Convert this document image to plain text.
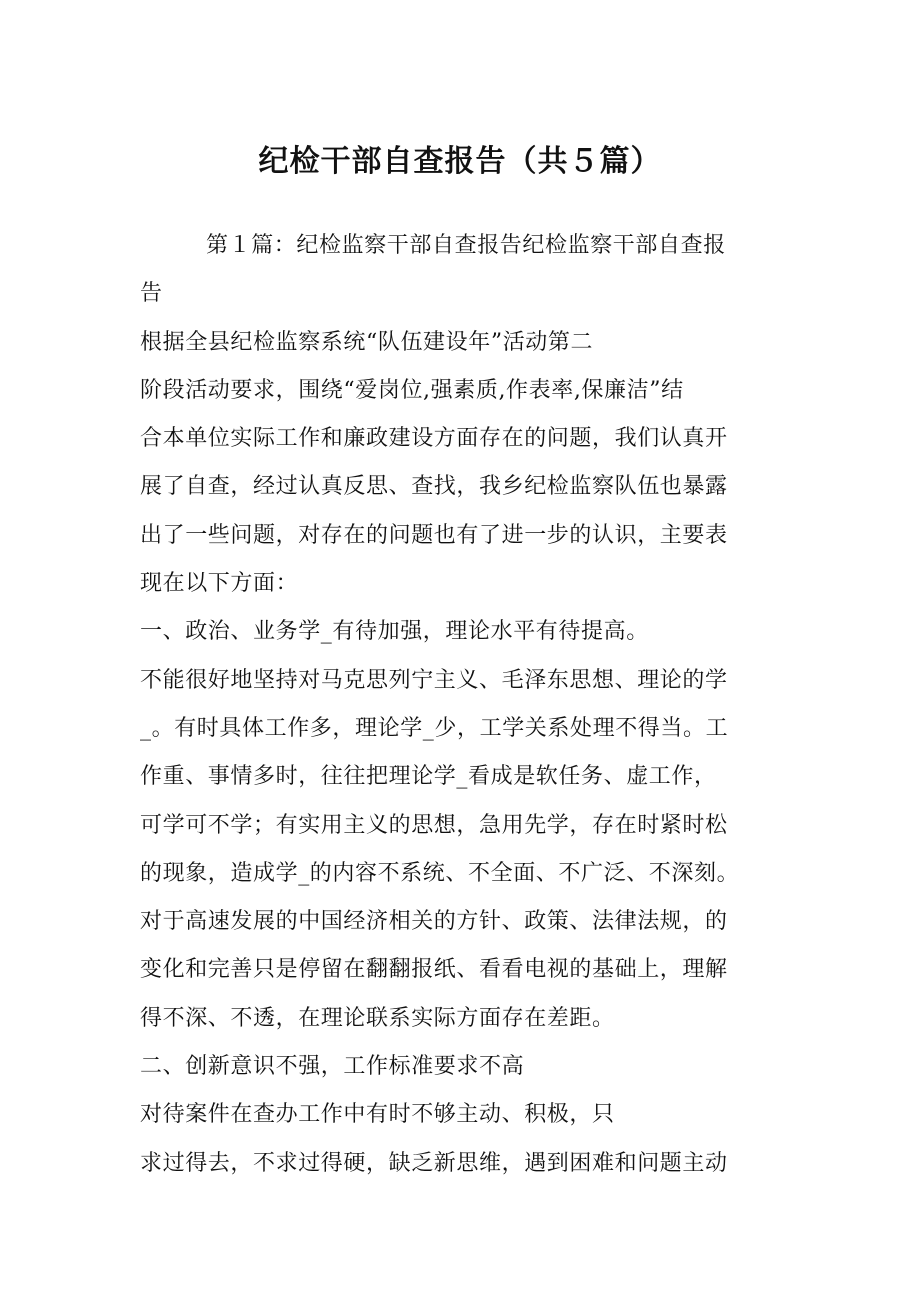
纪检干部自查报告（共５篇）
第１篇：纪检监察干部自查报告纪检监察干部自查报
告
根据全县纪检监察系统“队伍建设年”活动第二
阶段活动要求，围绕“爱岗位,强素质,作表率,保廉洁”结
合本单位实际工作和廉政建设方面存在的问题，我们认真开
展了自查，经过认真反思、查找，我乡纪检监察队伍也暴露
出了一些问题，对存在的问题也有了进一步的认识，主要表
现在以下方面：
一、政治、业务学_有待加强，理论水平有待提高。
不能很好地坚持对马克思列宁主义、毛泽东思想、理论的学
_。有时具体工作多，理论学_少，工学关系处理不得当。工
作重、事情多时，往往把理论学_看成是软任务、虚工作，
可学可不学；有实用主义的思想，急用先学，存在时紧时松
的现象，造成学_的内容不系统、不全面、不广泛、不深刻。
对于高速发展的中国经济相关的方针、政策、法律法规，的
变化和完善只是停留在翻翻报纸、看看电视的基础上，理解
得不深、不透，在理论联系实际方面存在差距。
二、创新意识不强，工作标准要求不高
对待案件在查办工作中有时不够主动、积极，只
求过得去，不求过得硬，缺乏新思维，遇到困难和问题主动
